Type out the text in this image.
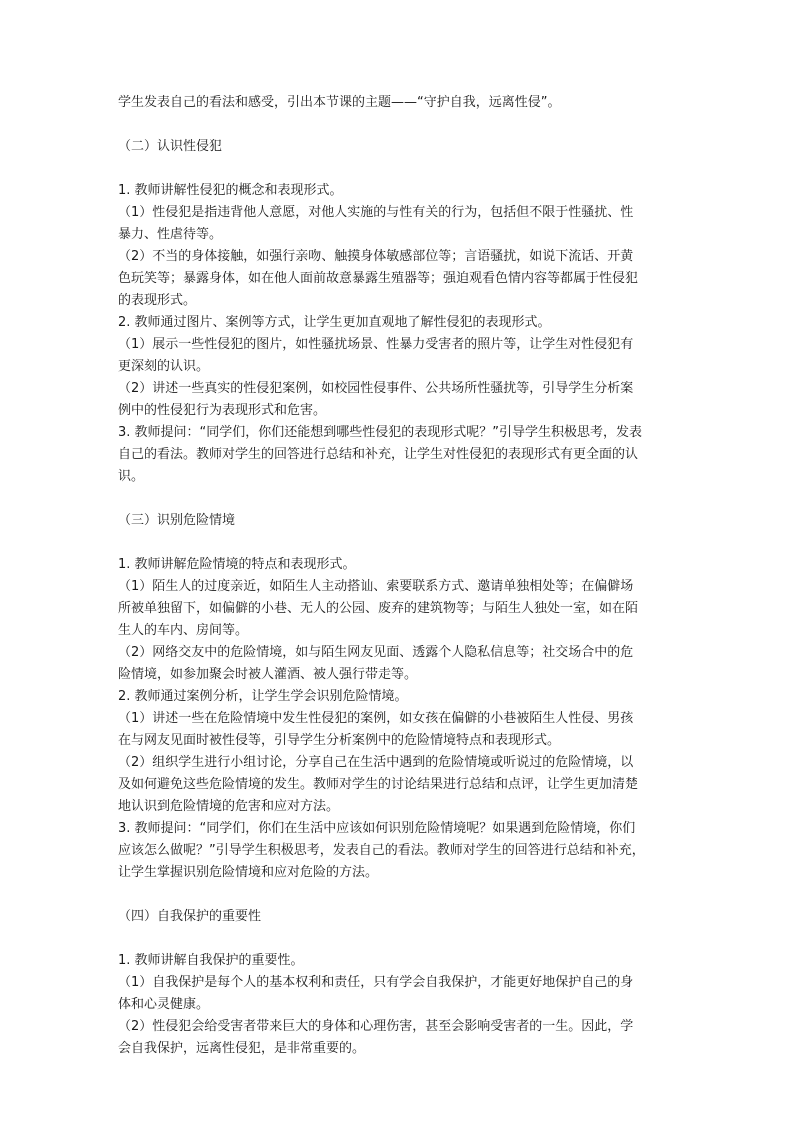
学生发表自己的看法和感受，引出本节课的主题——“守护自我，远离性侵”。
（二）认识性侵犯
1. 教师讲解性侵犯的概念和表现形式。
（1）性侵犯是指违背他人意愿，对他人实施的与性有关的行为，包括但不限于性骚扰、性
暴力、性虐待等。
（2）不当的身体接触，如强行亲吻、触摸身体敏感部位等；言语骚扰，如说下流话、开黄
色玩笑等；暴露身体，如在他人面前故意暴露生殖器等；强迫观看色情内容等都属于性侵犯
的表现形式。
2. 教师通过图片、案例等方式，让学生更加直观地了解性侵犯的表现形式。
（1）展示一些性侵犯的图片，如性骚扰场景、性暴力受害者的照片等，让学生对性侵犯有
更深刻的认识。
（2）讲述一些真实的性侵犯案例，如校园性侵事件、公共场所性骚扰等，引导学生分析案
例中的性侵犯行为表现形式和危害。
3. 教师提问：“同学们，你们还能想到哪些性侵犯的表现形式呢？”引导学生积极思考，发表
自己的看法。教师对学生的回答进行总结和补充，让学生对性侵犯的表现形式有更全面的认
识。
（三）识别危险情境
1. 教师讲解危险情境的特点和表现形式。
（1）陌生人的过度亲近，如陌生人主动搭讪、索要联系方式、邀请单独相处等；在偏僻场
所被单独留下，如偏僻的小巷、无人的公园、废弃的建筑物等；与陌生人独处一室，如在陌
生人的车内、房间等。
（2）网络交友中的危险情境，如与陌生网友见面、透露个人隐私信息等；社交场合中的危
险情境，如参加聚会时被人灌酒、被人强行带走等。
2. 教师通过案例分析，让学生学会识别危险情境。
（1）讲述一些在危险情境中发生性侵犯的案例，如女孩在偏僻的小巷被陌生人性侵、男孩
在与网友见面时被性侵等，引导学生分析案例中的危险情境特点和表现形式。
（2）组织学生进行小组讨论，分享自己在生活中遇到的危险情境或听说过的危险情境，以
及如何避免这些危险情境的发生。教师对学生的讨论结果进行总结和点评，让学生更加清楚
地认识到危险情境的危害和应对方法。
3. 教师提问：“同学们，你们在生活中应该如何识别危险情境呢？如果遇到危险情境，你们
应该怎么做呢？”引导学生积极思考，发表自己的看法。教师对学生的回答进行总结和补充，
让学生掌握识别危险情境和应对危险的方法。
（四）自我保护的重要性
1. 教师讲解自我保护的重要性。
（1）自我保护是每个人的基本权利和责任，只有学会自我保护，才能更好地保护自己的身
体和心灵健康。
（2）性侵犯会给受害者带来巨大的身体和心理伤害，甚至会影响受害者的一生。因此，学
会自我保护，远离性侵犯，是非常重要的。
